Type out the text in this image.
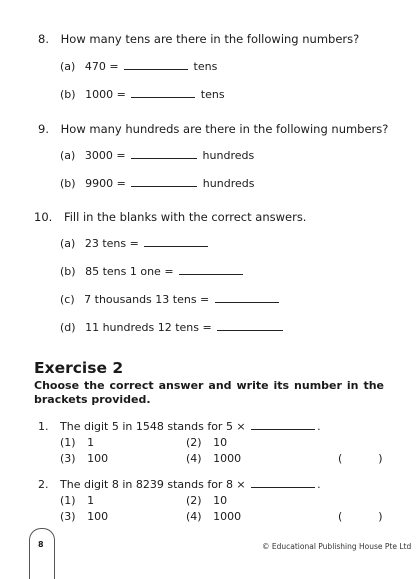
8. How many tens are there in the following numbers?
(a) 470 =	tens
(b) 1000 =	tens
9. How many hundreds are there in the following numbers?
(a) 3000 =	hundreds
(b) 9900 =	hundreds
10. Fill in the blanks with the correct answers.
(a) 23 tens =
(b) 85 tens 1 one =
(c) 7 thousands 13 tens =
(d) 11 hundreds 12 tens =
Exercise 2
Choose the correct answer and write its number in the brackets provided.
1. The digit 5 in 1548 stands for 5 ×	.
(1) 1	(2) 10
(3) 100	(4) 1000	(	)
2. The digit 8 in 8239 stands for 8 ×	.
(1) 1	(2) 10
(3) 100	(4) 1000	(	)
8	© Educational Publishing House Pte Ltd
